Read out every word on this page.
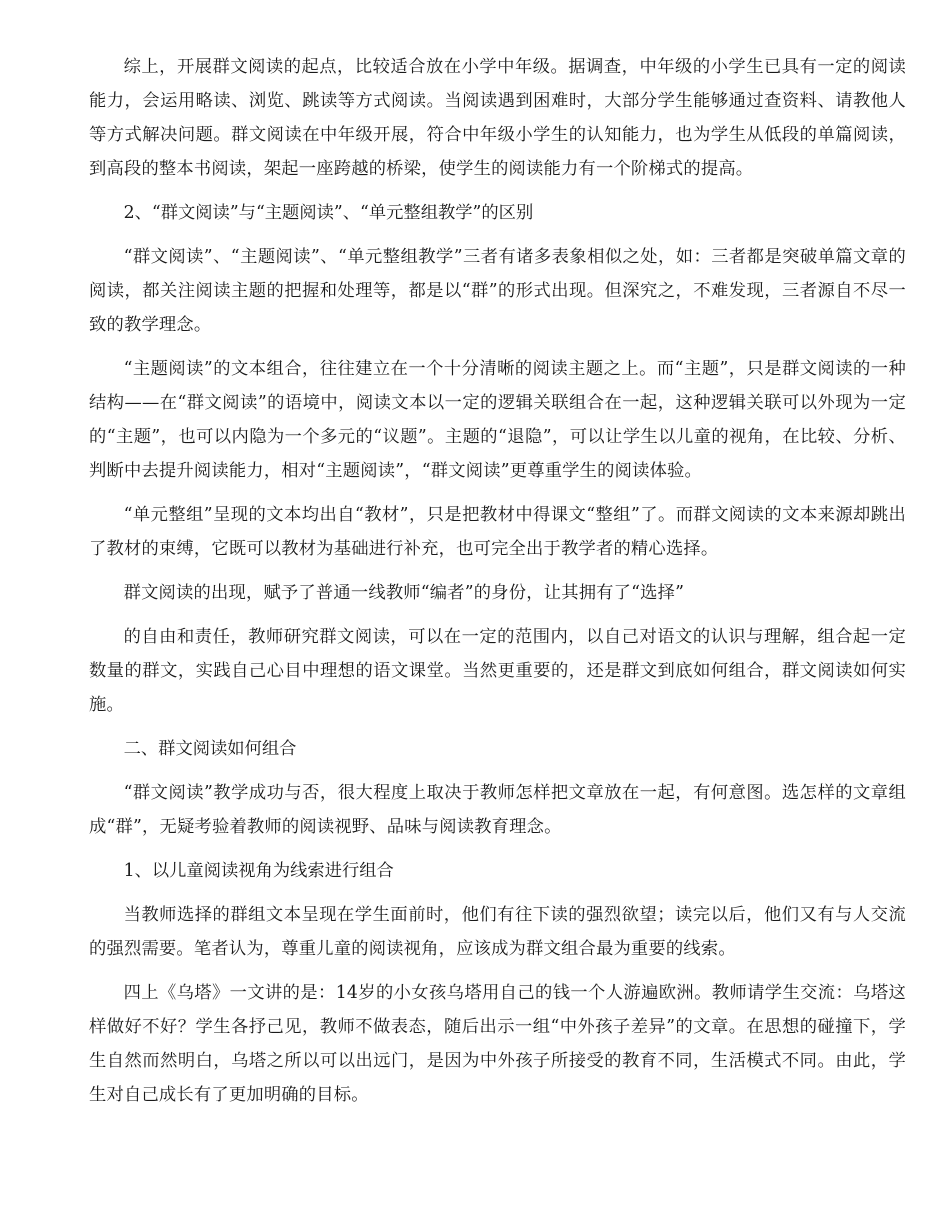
综上，开展群文阅读的起点，比较适合放在小学中年级。据调查，中年级的小学生已具有一定的阅读能力，会运用略读、浏览、跳读等方式阅读。当阅读遇到困难时，大部分学生能够通过查资料、请教他人等方式解决问题。群文阅读在中年级开展，符合中年级小学生的认知能力，也为学生从低段的单篇阅读，到高段的整本书阅读，架起一座跨越的桥梁，使学生的阅读能力有一个阶梯式的提高。

2、“群文阅读”与“主题阅读”、“单元整组教学”的区别

“群文阅读”、“主题阅读”、“单元整组教学”三者有诸多表象相似之处，如：三者都是突破单篇文章的阅读，都关注阅读主题的把握和处理等，都是以“群”的形式出现。但深究之，不难发现，三者源自不尽一致的教学理念。

“主题阅读”的文本组合，往往建立在一个十分清晰的阅读主题之上。而“主题”，只是群文阅读的一种结构——在“群文阅读”的语境中，阅读文本以一定的逻辑关联组合在一起，这种逻辑关联可以外现为一定的“主题”，也可以内隐为一个多元的“议题”。主题的“退隐”，可以让学生以儿童的视角，在比较、分析、判断中去提升阅读能力，相对“主题阅读”，“群文阅读”更尊重学生的阅读体验。

“单元整组”呈现的文本均出自“教材”，只是把教材中得课文“整组”了。而群文阅读的文本来源却跳出了教材的束缚，它既可以教材为基础进行补充，也可完全出于教学者的精心选择。

群文阅读的出现，赋予了普通一线教师“编者”的身份，让其拥有了“选择”

的自由和责任，教师研究群文阅读，可以在一定的范围内，以自己对语文的认识与理解，组合起一定数量的群文，实践自己心目中理想的语文课堂。当然更重要的，还是群文到底如何组合，群文阅读如何实施。

二、群文阅读如何组合

“群文阅读”教学成功与否，很大程度上取决于教师怎样把文章放在一起，有何意图。选怎样的文章组成“群”，无疑考验着教师的阅读视野、品味与阅读教育理念。

1、以儿童阅读视角为线索进行组合

当教师选择的群组文本呈现在学生面前时，他们有往下读的强烈欲望；读完以后，他们又有与人交流的强烈需要。笔者认为，尊重儿童的阅读视角，应该成为群文组合最为重要的线索。

四上《乌塔》一文讲的是：14岁的小女孩乌塔用自己的钱一个人游遍欧洲。教师请学生交流：乌塔这样做好不好？学生各抒己见，教师不做表态，随后出示一组“中外孩子差异”的文章。在思想的碰撞下，学生自然而然明白，乌塔之所以可以出远门，是因为中外孩子所接受的教育不同，生活模式不同。由此，学生对自己成长有了更加明确的目标。
